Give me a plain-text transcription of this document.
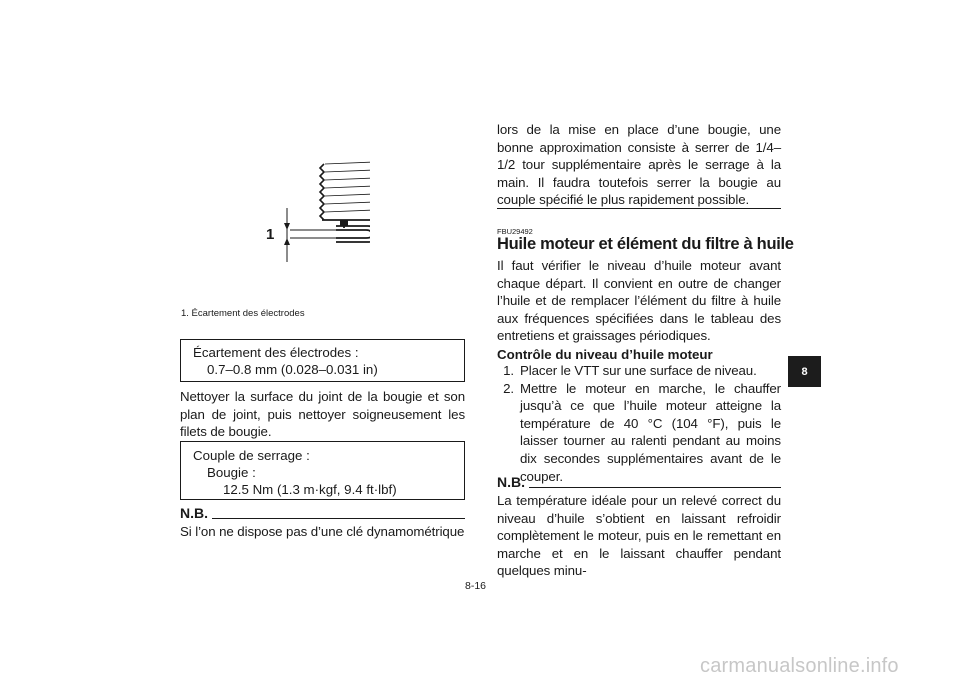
1
1. Écartement des électrodes
Écartement des électrodes :
0.7–0.8 mm (0.028–0.031 in)
Nettoyer la surface du joint de la bougie et son plan de joint, puis nettoyer soigneusement les filets de bougie.
Couple de serrage :
Bougie :
12.5 Nm (1.3 m·kgf, 9.4 ft·lbf)
N.B.
Si l’on ne dispose pas d’une clé dynamométrique
lors de la mise en place d’une bougie, une bonne approximation consiste à serrer de 1/4–1/2 tour supplémentaire après le serrage à la main. Il faudra toutefois serrer la bougie au couple spécifié le plus rapidement possible.
FBU29492
Huile moteur et élément du filtre à huile
Il faut vérifier le niveau d’huile moteur avant chaque départ. Il convient en outre de changer l’huile et de remplacer l’élément du filtre à huile aux fréquences spécifiées dans le tableau des entretiens et graissages périodiques.
Contrôle du niveau d’huile moteur
1. Placer le VTT sur une surface de niveau.
2. Mettre le moteur en marche, le chauffer jusqu’à ce que l’huile moteur atteigne la température de 40 °C (104 °F), puis le laisser tourner au ralenti pendant au moins dix secondes supplémentaires avant de le couper.
N.B.
La température idéale pour un relevé correct du niveau d’huile s’obtient en laissant refroidir complètement le moteur, puis en le remettant en marche et en le laissant chauffer pendant quelques minu-
8-16
8
carmanualsonline.info
